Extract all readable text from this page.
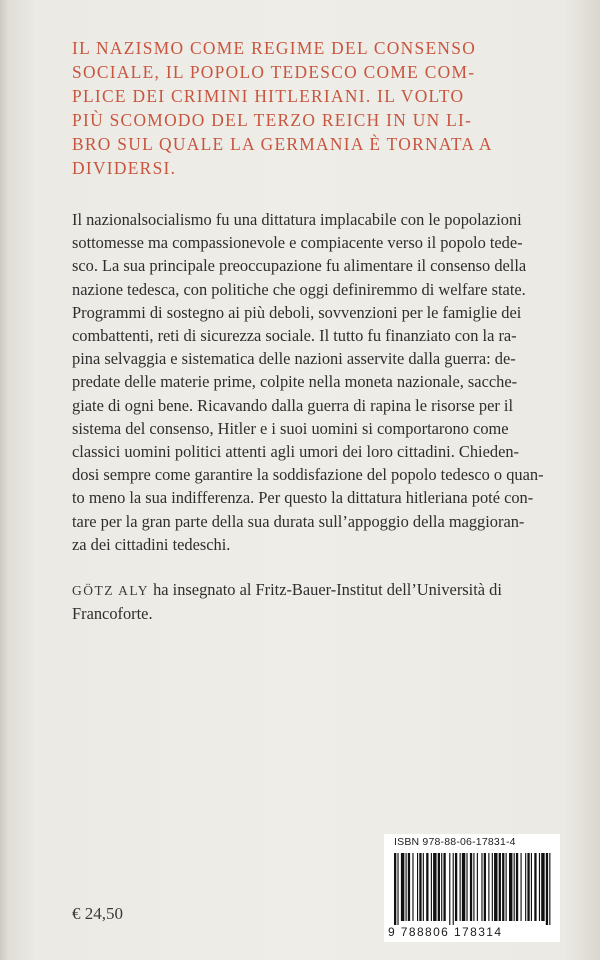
IL NAZISMO COME REGIME DEL CONSENSO
SOCIALE, IL POPOLO TEDESCO COME COM-
PLICE DEI CRIMINI HITLERIANI. IL VOLTO
PIÙ SCOMODO DEL TERZO REICH IN UN LI-
BRO SUL QUALE LA GERMANIA È TORNATA A
DIVIDERSI.
Il nazionalsocialismo fu una dittatura implacabile con le popolazioni
sottomesse ma compassionevole e compiacente verso il popolo tede-
sco. La sua principale preoccupazione fu alimentare il consenso della
nazione tedesca, con politiche che oggi definiremmo di welfare state.
Programmi di sostegno ai più deboli, sovvenzioni per le famiglie dei
combattenti, reti di sicurezza sociale. Il tutto fu finanziato con la ra-
pina selvaggia e sistematica delle nazioni asservite dalla guerra: de-
predate delle materie prime, colpite nella moneta nazionale, sacche-
giate di ogni bene. Ricavando dalla guerra di rapina le risorse per il
sistema del consenso, Hitler e i suoi uomini si comportarono come
classici uomini politici attenti agli umori dei loro cittadini. Chieden-
dosi sempre come garantire la soddisfazione del popolo tedesco o quan-
to meno la sua indifferenza. Per questo la dittatura hitleriana poté con-
tare per la gran parte della sua durata sull’appoggio della maggioran-
za dei cittadini tedeschi.
GÖTZ ALY ha insegnato al Fritz-Bauer-Institut dell’Università di
Francoforte.
€ 24,50
ISBN 978-88-06-17831-4
9 788806 178314
